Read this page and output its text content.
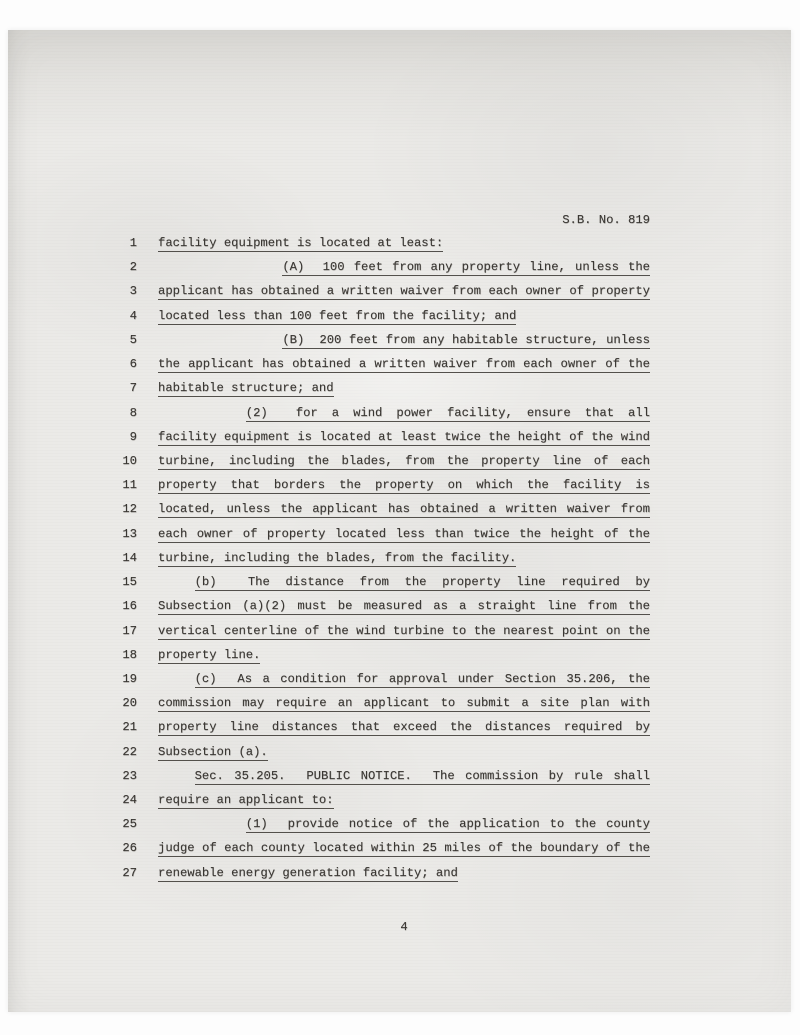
S.B. No. 819
1 facility equipment is located at least:
2	(A)  100 feet from any property line, unless the
3 applicant has obtained a written waiver from each owner of property
4 located less than 100 feet from the facility; and
5	(B)  200 feet from any habitable structure, unless
6 the applicant has obtained a written waiver from each owner of the
7 habitable structure; and
8	(2)  for a wind power facility, ensure that all
9 facility equipment is located at least twice the height of the wind
10 turbine, including the blades, from the property line of each
11 property that borders the property on which the facility is
12 located, unless the applicant has obtained a written waiver from
13 each owner of property located less than twice the height of the
14 turbine, including the blades, from the facility.
15	(b)  The distance from the property line required by
16 Subsection (a)(2) must be measured as a straight line from the
17 vertical centerline of the wind turbine to the nearest point on the
18 property line.
19	(c)  As a condition for approval under Section 35.206, the
20 commission may require an applicant to submit a site plan with
21 property line distances that exceed the distances required by
22 Subsection (a).
23	Sec. 35.205.  PUBLIC NOTICE.  The commission by rule shall
24 require an applicant to:
25	(1)  provide notice of the application to the county
26 judge of each county located within 25 miles of the boundary of the
27 renewable energy generation facility; and
4
